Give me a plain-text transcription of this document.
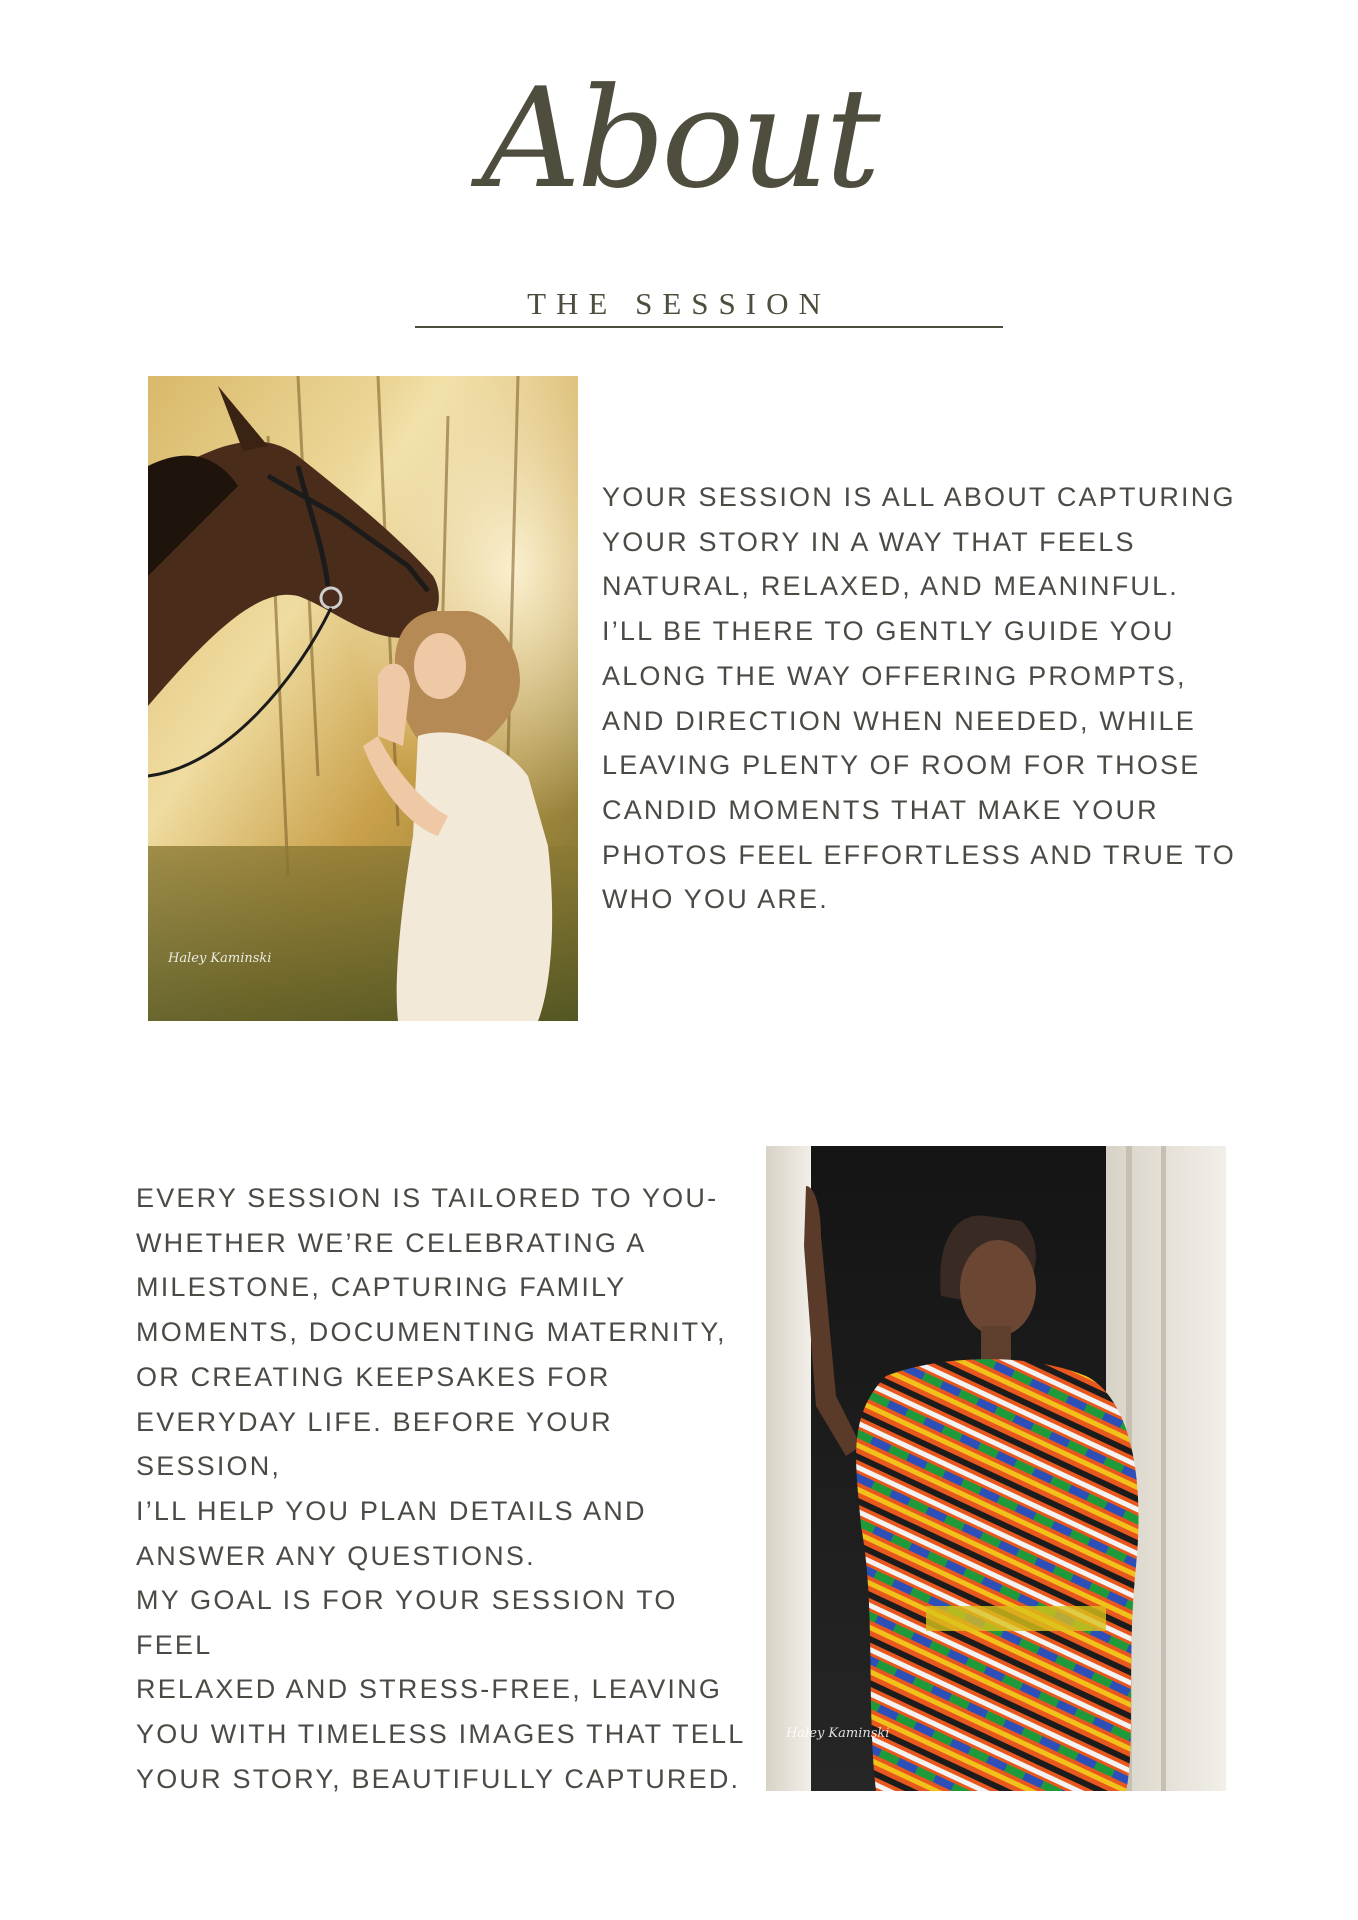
About
THE SESSION
Haley Kaminski

YOUR SESSION IS ALL ABOUT CAPTURING
YOUR STORY IN A WAY THAT FEELS
NATURAL, RELAXED, AND MEANINFUL.
I’LL BE THERE TO GENTLY GUIDE YOU
ALONG THE WAY OFFERING PROMPTS,
AND DIRECTION WHEN NEEDED, WHILE
LEAVING PLENTY OF ROOM FOR THOSE
CANDID MOMENTS THAT MAKE YOUR
PHOTOS FEEL EFFORTLESS AND TRUE TO
WHO YOU ARE.

EVERY SESSION IS TAILORED TO YOU-
WHETHER WE’RE CELEBRATING A
MILESTONE, CAPTURING FAMILY
MOMENTS, DOCUMENTING MATERNITY,
OR CREATING KEEPSAKES FOR
EVERYDAY LIFE. BEFORE YOUR SESSION,
I’LL HELP YOU PLAN DETAILS AND
ANSWER ANY QUESTIONS.

MY GOAL IS FOR YOUR SESSION TO FEEL
RELAXED AND STRESS-FREE, LEAVING
YOU WITH TIMELESS IMAGES THAT TELL
YOUR STORY, BEAUTIFULLY CAPTURED.

Haley Kaminski
